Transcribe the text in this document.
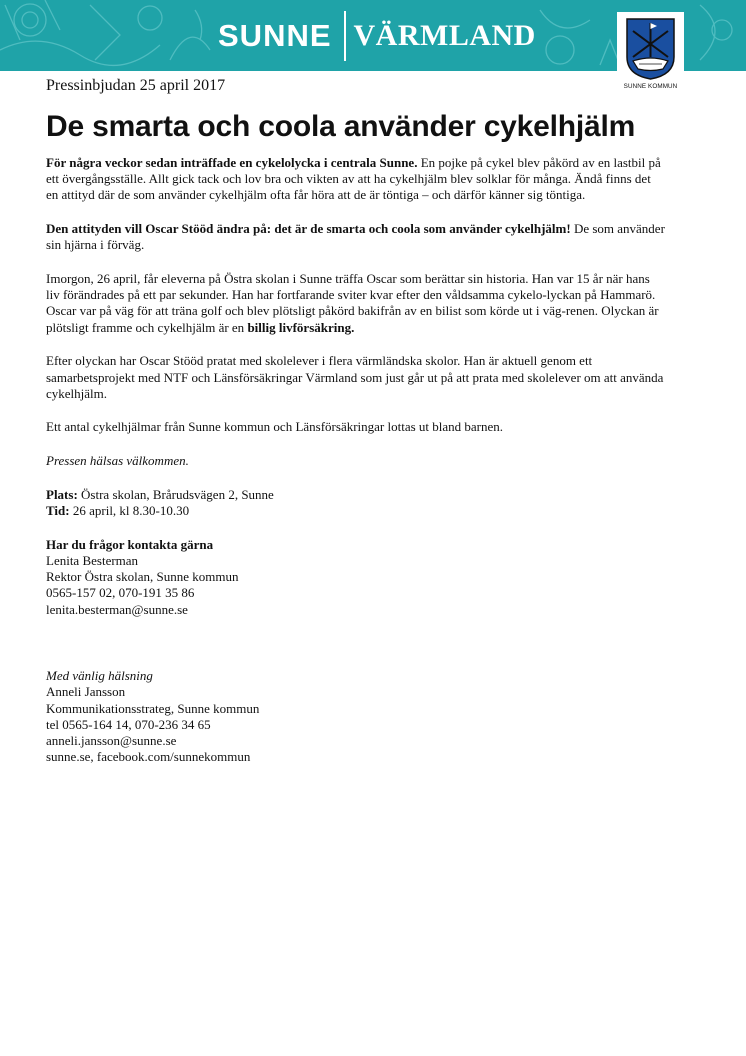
SUNNE VÄRMLAND
SUNNE KOMMUN
Pressinbjudan 25 april 2017
De smarta och coola använder cykelhjälm

För några veckor sedan inträffade en cykelolycka i centrala Sunne. En pojke på cykel blev påkörd av en lastbil på ett övergångsställe. Allt gick tack och lov bra och vikten av att ha cykelhjälm blev solklar för många. Ändå finns det en attityd där de som använder cykelhjälm ofta får höra att de är töntiga – och därför känner sig töntiga.

Den attityden vill Oscar Stööd ändra på: det är de smarta och coola som använder cykelhjälm! De som använder sin hjärna i förväg.

Imorgon, 26 april, får eleverna på Östra skolan i Sunne träffa Oscar som berättar sin historia. Han var 15 år när hans liv förändrades på ett par sekunder. Han har fortfarande sviter kvar efter den våldsamma cykelo-lyckan på Hammarö. Oscar var på väg för att träna golf och blev plötsligt påkörd bakifrån av en bilist som körde ut i väg-renen. Olyckan är plötsligt framme och cykelhjälm är en billig livförsäkring.

Efter olyckan har Oscar Stööd pratat med skolelever i flera värmländska skolor. Han är aktuell genom ett samarbetsprojekt med NTF och Länsförsäkringar Värmland som just går ut på att prata med skolelever om att använda cykelhjälm.

Ett antal cykelhjälmar från Sunne kommun och Länsförsäkringar lottas ut bland barnen.

Pressen hälsas välkommen.

Plats: Östra skolan, Brårudsvägen 2, Sunne
Tid: 26 april, kl 8.30-10.30

Har du frågor kontakta gärna
Lenita Besterman
Rektor Östra skolan, Sunne kommun
0565-157 02, 070-191 35 86
lenita.besterman@sunne.se

Med vänlig hälsning
Anneli Jansson
Kommunikationsstrateg, Sunne kommun
tel 0565-164 14, 070-236 34 65
anneli.jansson@sunne.se
sunne.se, facebook.com/sunnekommun
